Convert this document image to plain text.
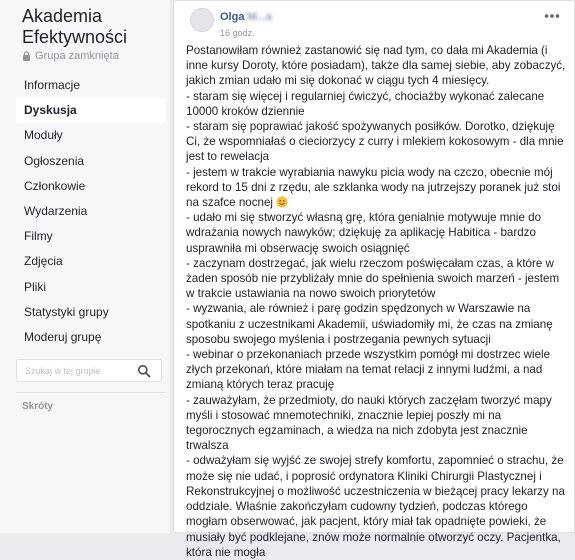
Akademia Efektywności
Grupa zamknięta
Informacje
Dyskusja
Moduły
Ogłoszenia
Członkowie
Wydarzenia
Filmy
Zdjęcia
Pliki
Statystyki grupy
Moderuj grupę
Szukaj w tej grupie
Skróty
Olga M...a
16 godz.

Postanowiłam również zastanowić się nad tym, co dała mi Akademia (i inne kursy Doroty, które posiadam), także dla samej siebie, aby zobaczyć, jakich zmian udało mi się dokonać w ciągu tych 4 miesięcy.

- staram się więcej i regularniej ćwiczyć, chociażby wykonać zalecane 10000 kroków dziennie

- staram się poprawiać jakość spożywanych posiłków. Dorotko, dziękuję Ci, że wspomniałaś o cieciorzycy z curry i mlekiem kokosowym - dla mnie jest to rewelacja

- jestem w trakcie wyrabiania nawyku picia wody na czczo, obecnie mój rekord to 15 dni z rzędu, ale szklanka wody na jutrzejszy poranek już stoi na szafce nocnej

- udało mi się stworzyć własną grę, która genialnie motywuje mnie do wdrażania nowych nawyków; dziękuję za aplikację Habitica - bardzo usprawniła mi obserwację swoich osiągnięć

- zaczynam dostrzegać, jak wielu rzeczom poświęcałam czas, a które w żaden sposób nie przybliżały mnie do spełnienia swoich marzeń - jestem w trakcie ustawiania na nowo swoich priorytetów

- wyzwania, ale również i parę godzin spędzonych w Warszawie na spotkaniu z uczestnikami Akademii, uświadomiły mi, że czas na zmianę sposobu swojego myślenia i postrzegania pewnych sytuacji

- webinar o przekonaniach przede wszystkim pomógł mi dostrzec wiele złych przekonań, które miałam na temat relacji z innymi ludźmi, a nad zmianą których teraz pracuję

- zauważyłam, że przedmioty, do nauki których zaczęłam tworzyć mapy myśli i stosować mnemotechniki, znacznie lepiej poszły mi na tegorocznych egzaminach, a wiedza na nich zdobyta jest znacznie trwalsza

- odważyłam się wyjść ze swojej strefy komfortu, zapomnieć o strachu, że może się nie udać, i poprosić ordynatora Kliniki Chirurgii Plastycznej i Rekonstrukcyjnej o możliwość uczestniczenia w bieżącej pracy lekarzy na oddziale. Właśnie zakończyłam cudowny tydzień, podczas którego mogłam obserwować, jak pacjent, który miał tak opadnięte powieki, że musiały być podklejane, znów może normalnie otworzyć oczy. Pacjentka, która nie mogła
